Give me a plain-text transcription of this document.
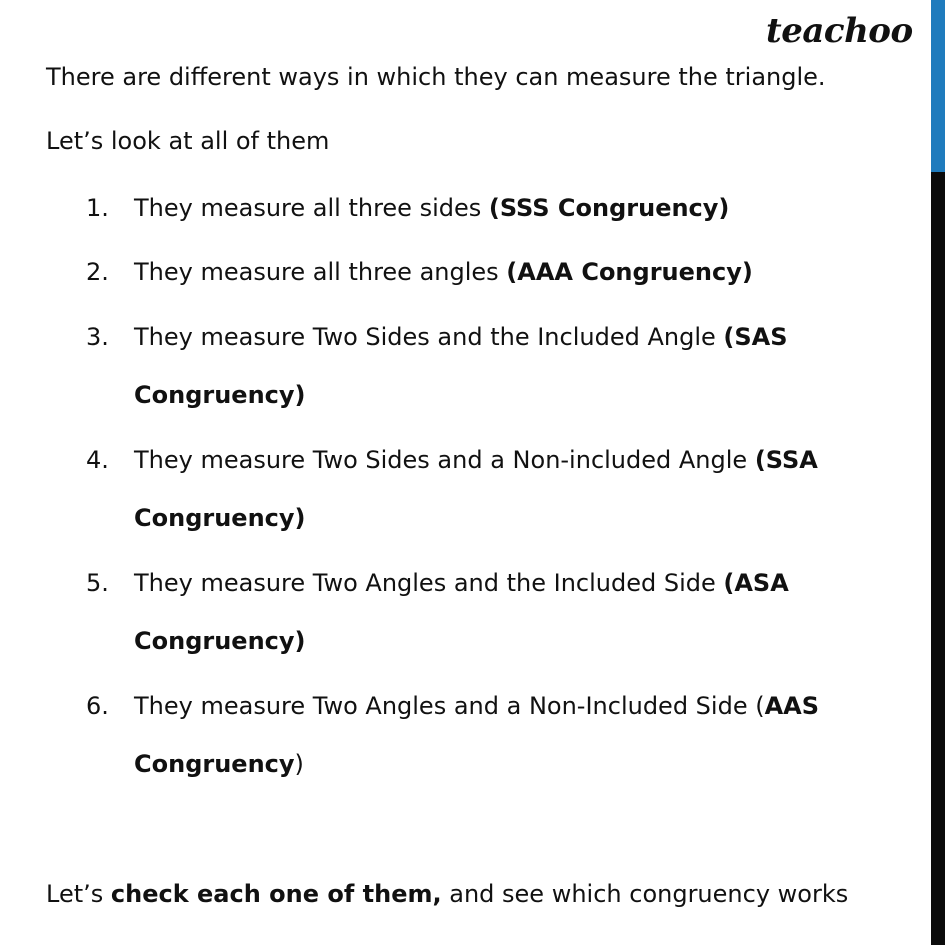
teachoo
There are different ways in which they can measure the triangle.
Let’s look at all of them
1.	They measure all three sides (SSS Congruency)
2.	They measure all three angles (AAA Congruency)
3.	They measure Two Sides and the Included Angle (SAS
Congruency)
4.	They measure Two Sides and a Non-included Angle (SSA
Congruency)
5.	They measure Two Angles and the Included Side (ASA
Congruency)
6.	They measure Two Angles and a Non-Included Side (AAS
Congruency)
Let’s check each one of them, and see which congruency works
